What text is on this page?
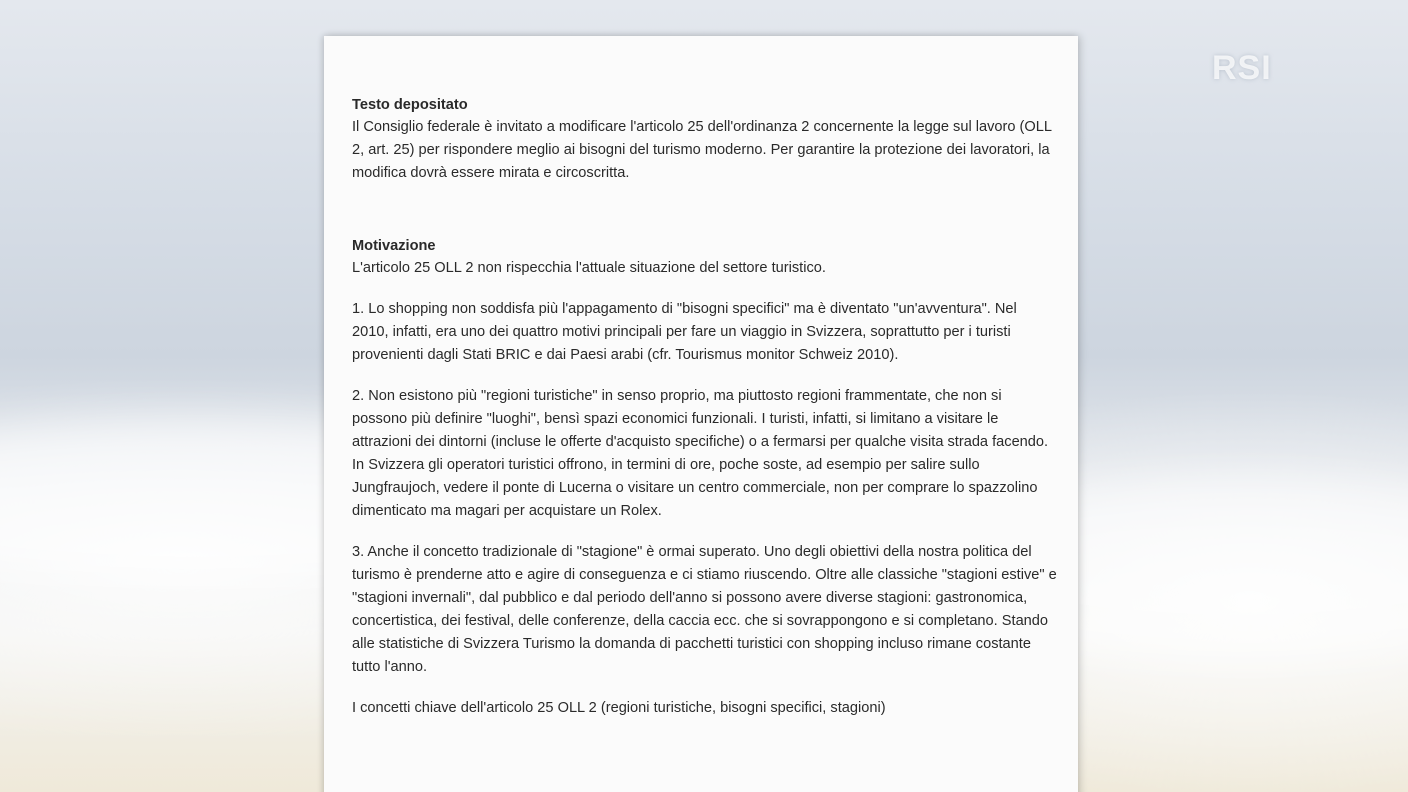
RSI

Testo depositato

Il Consiglio federale è invitato a modificare l'articolo 25 dell'ordinanza 2 concernente la legge sul lavoro (OLL 2, art. 25) per rispondere meglio ai bisogni del turismo moderno. Per garantire la protezione dei lavoratori, la modifica dovrà essere mirata e circoscritta.

Motivazione

L'articolo 25 OLL 2 non rispecchia l'attuale situazione del settore turistico.

1. Lo shopping non soddisfa più l'appagamento di "bisogni specifici" ma è diventato "un'avventura". Nel 2010, infatti, era uno dei quattro motivi principali per fare un viaggio in Svizzera, soprattutto per i turisti provenienti dagli Stati BRIC e dai Paesi arabi (cfr. Tourismus monitor Schweiz 2010).

2. Non esistono più "regioni turistiche" in senso proprio, ma piuttosto regioni frammentate, che non si possono più definire "luoghi", bensì spazi economici funzionali. I turisti, infatti, si limitano a visitare le attrazioni dei dintorni (incluse le offerte d'acquisto specifiche) o a fermarsi per qualche visita strada facendo. In Svizzera gli operatori turistici offrono, in termini di ore, poche soste, ad esempio per salire sullo Jungfraujoch, vedere il ponte di Lucerna o visitare un centro commerciale, non per comprare lo spazzolino dimenticato ma magari per acquistare un Rolex.

3. Anche il concetto tradizionale di "stagione" è ormai superato. Uno degli obiettivi della nostra politica del turismo è prenderne atto e agire di conseguenza e ci stiamo riuscendo. Oltre alle classiche "stagioni estive" e "stagioni invernali", dal pubblico e dal periodo dell'anno si possono avere diverse stagioni: gastronomica, concertistica, dei festival, delle conferenze, della caccia ecc. che si sovrappongono e si completano. Stando alle statistiche di Svizzera Turismo la domanda di pacchetti turistici con shopping incluso rimane costante tutto l'anno.

I concetti chiave dell'articolo 25 OLL 2 (regioni turistiche, bisogni specifici, stagioni)
